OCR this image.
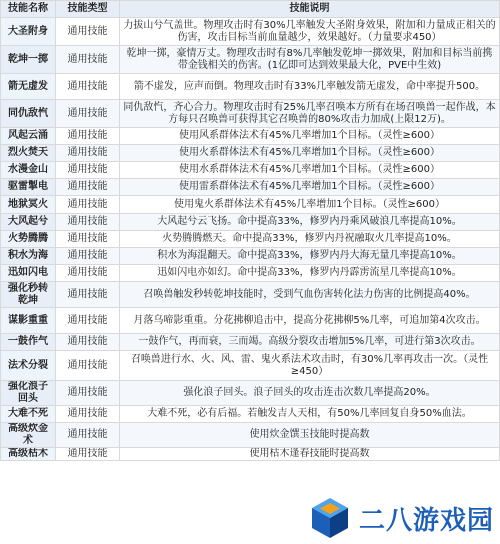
技能名称	技能类型	技能说明
大圣附身	通用技能	力拔山兮气盖世。物理攻击时有30%几率触发大圣附身效果，附加和力量成正相关的伤害，攻击目标当前血量越少，效果越好。（力量要求450）
乾坤一掷	通用技能	乾坤一掷，豪情万丈。物理攻击时有8%几率触发乾坤一掷效果，附加和目标当前携带金钱相关的伤害。(1亿即可达到效果最大化，PVE中生效)
箭无虚发	通用技能	箭不虚发，应声而倒。物理攻击时有33%几率触发箭无虚发，命中率提升500。
同仇敌忾	通用技能	同仇敌忾，齐心合力。物理攻击时有25%几率召唤本方所有在场召唤兽一起作战，本方每只召唤兽可获得其它召唤兽的80%攻击力加成(上限12万)。
风起云涌	通用技能	使用风系群体法术有45%几率增加1个目标。（灵性≥600）
烈火焚天	通用技能	使用火系群体法术有45%几率增加1个目标。（灵性≥600）
水漫金山	通用技能	使用水系群体法术有45%几率增加1个目标。（灵性≥600）
驱雷掣电	通用技能	使用雷系群体法术有45%几率增加1个目标。（灵性≥600）
地狱冥火	通用技能	使用鬼火系群体法术有45%几率增加1个目标。（灵性≥600）
大风起兮	通用技能	大风起兮云飞扬。命中提高33%，修罗内丹乘风破浪几率提高10%。
火势腾腾	通用技能	火势腾腾燃天。命中提高33%，修罗内丹祝融取火几率提高10%。
积水为海	通用技能	积水为海混翻天。命中提高33%，修罗内丹大海无量几率提高10%。
迅如闪电	通用技能	迅如闪电亦如幻。命中提高33%，修罗内丹霹雳流星几率提高10%。
强化秒转乾坤	通用技能	召唤兽触发秒转乾坤技能时，受到气血伤害转化法力伤害的比例提高40%。
谋影重重	通用技能	月落乌啼影重重。分花拂柳追击中，提高分花拂柳5%几率，可追加第4次攻击。
一鼓作气	通用技能	一鼓作气，再而衰，三而竭。高级分裂攻击增加5%几率，可进行第3次攻击。
法术分裂	通用技能	召唤兽进行水、火、风、雷、鬼火系法术攻击时，有30%几率再攻击一次。（灵性≥450）
强化浪子回头	通用技能	强化浪子回头。浪子回头的攻击连击次数几率提高20%。
大难不死	通用技能	大难不死，必有后福。若触发吉人天相，有50%几率回复自身50%血法。
高级炊金术	通用技能	使用炊金馔玉技能时提高数
高级枯木	通用技能	使用枯木逢春技能时提高数
二八游戏园
